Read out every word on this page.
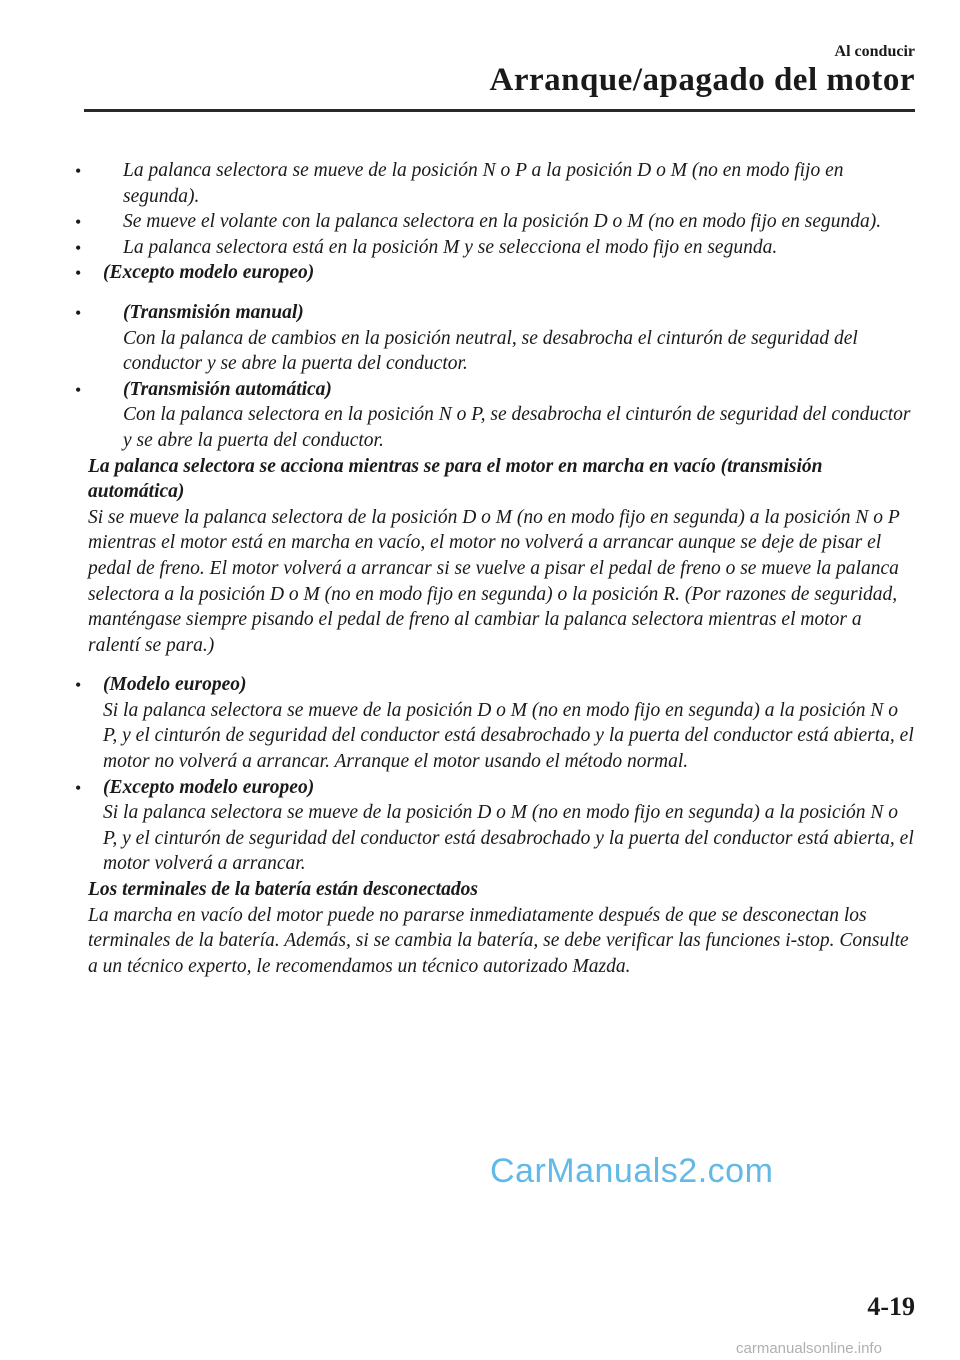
Al conducir
Arranque/apagado del motor
• La palanca selectora se mueve de la posición N o P a la posición D o M (no en modo fijo en segunda).
• Se mueve el volante con la palanca selectora en la posición D o M (no en modo fijo en segunda).
• La palanca selectora está en la posición M y se selecciona el modo fijo en segunda.
• (Excepto modelo europeo)
• (Transmisión manual)
Con la palanca de cambios en la posición neutral, se desabrocha el cinturón de seguridad del conductor y se abre la puerta del conductor.
• (Transmisión automática)
Con la palanca selectora en la posición N o P, se desabrocha el cinturón de seguridad del conductor y se abre la puerta del conductor.

La palanca selectora se acciona mientras se para el motor en marcha en vacío (transmisión automática)

Si se mueve la palanca selectora de la posición D o M (no en modo fijo en segunda) a la posición N o P mientras el motor está en marcha en vacío, el motor no volverá a arrancar aunque se deje de pisar el pedal de freno. El motor volverá a arrancar si se vuelve a pisar el pedal de freno o se mueve la palanca selectora a la posición D o M (no en modo fijo en segunda) o la posición R. (Por razones de seguridad, manténgase siempre pisando el pedal de freno al cambiar la palanca selectora mientras el motor a ralentí se para.)

• (Modelo europeo)
Si la palanca selectora se mueve de la posición D o M (no en modo fijo en segunda) a la posición N o P, y el cinturón de seguridad del conductor está desabrochado y la puerta del conductor está abierta, el motor no volverá a arrancar. Arranque el motor usando el método normal.
• (Excepto modelo europeo)
Si la palanca selectora se mueve de la posición D o M (no en modo fijo en segunda) a la posición N o P, y el cinturón de seguridad del conductor está desabrochado y la puerta del conductor está abierta, el motor volverá a arrancar.

Los terminales de la batería están desconectados

La marcha en vacío del motor puede no pararse inmediatamente después de que se desconectan los terminales de la batería. Además, si se cambia la batería, se debe verificar las funciones i-stop. Consulte a un técnico experto, le recomendamos un técnico autorizado Mazda.

CarManuals2.com
4-19
carmanualsonline.info
